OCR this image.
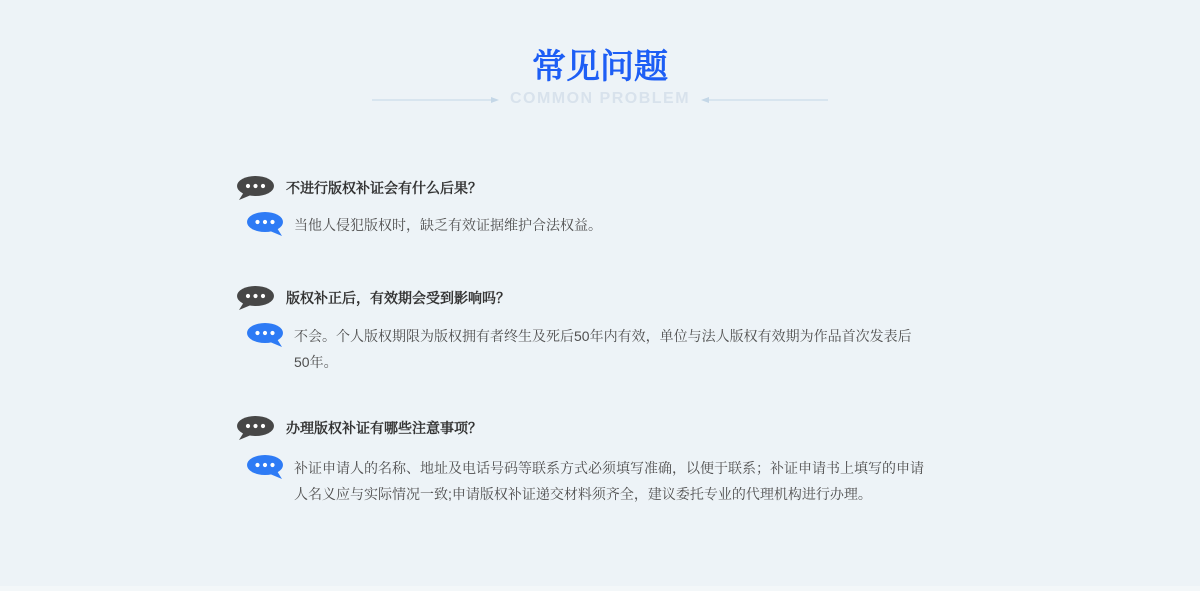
常见问题
COMMON PROBLEM
不进行版权补证会有什么后果？
当他人侵犯版权时，缺乏有效证据维护合法权益。
版权补正后，有效期会受到影响吗？
不会。个人版权期限为版权拥有者终生及死后50年内有效，单位与法人版权有效期为作品首次发表后50年。
办理版权补证有哪些注意事项？
补证申请人的名称、地址及电话号码等联系方式必须填写准确，以便于联系；补证申请书上填写的申请人名义应与实际情况一致;申请版权补证递交材料须齐全，建议委托专业的代理机构进行办理。
